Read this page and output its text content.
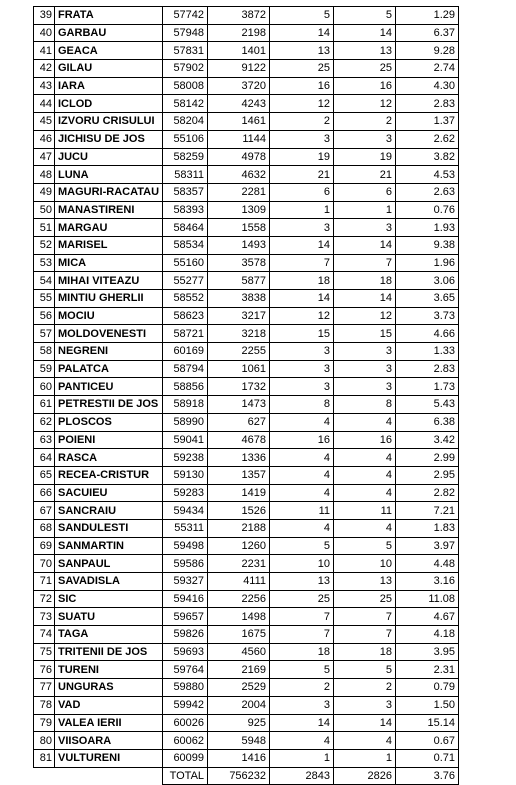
39	FRATA	57742	3872	5	5	1.29
40	GARBAU	57948	2198	14	14	6.37
41	GEACA	57831	1401	13	13	9.28
42	GILAU	57902	9122	25	25	2.74
43	IARA	58008	3720	16	16	4.30
44	ICLOD	58142	4243	12	12	2.83
45	IZVORU CRISULUI	58204	1461	2	2	1.37
46	JICHISU DE JOS	55106	1144	3	3	2.62
47	JUCU	58259	4978	19	19	3.82
48	LUNA	58311	4632	21	21	4.53
49	MAGURI-RACATAU	58357	2281	6	6	2.63
50	MANASTIRENI	58393	1309	1	1	0.76
51	MARGAU	58464	1558	3	3	1.93
52	MARISEL	58534	1493	14	14	9.38
53	MICA	55160	3578	7	7	1.96
54	MIHAI VITEAZU	55277	5877	18	18	3.06
55	MINTIU GHERLII	58552	3838	14	14	3.65
56	MOCIU	58623	3217	12	12	3.73
57	MOLDOVENESTI	58721	3218	15	15	4.66
58	NEGRENI	60169	2255	3	3	1.33
59	PALATCA	58794	1061	3	3	2.83
60	PANTICEU	58856	1732	3	3	1.73
61	PETRESTII DE JOS	58918	1473	8	8	5.43
62	PLOSCOS	58990	627	4	4	6.38
63	POIENI	59041	4678	16	16	3.42
64	RASCA	59238	1336	4	4	2.99
65	RECEA-CRISTUR	59130	1357	4	4	2.95
66	SACUIEU	59283	1419	4	4	2.82
67	SANCRAIU	59434	1526	11	11	7.21
68	SANDULESTI	55311	2188	4	4	1.83
69	SANMARTIN	59498	1260	5	5	3.97
70	SANPAUL	59586	2231	10	10	4.48
71	SAVADISLA	59327	4111	13	13	3.16
72	SIC	59416	2256	25	25	11.08
73	SUATU	59657	1498	7	7	4.67
74	TAGA	59826	1675	7	7	4.18
75	TRITENII DE JOS	59693	4560	18	18	3.95
76	TURENI	59764	2169	5	5	2.31
77	UNGURAS	59880	2529	2	2	0.79
78	VAD	59942	2004	3	3	1.50
79	VALEA IERII	60026	925	14	14	15.14
80	VIISOARA	60062	5948	4	4	0.67
81	VULTURENI	60099	1416	1	1	0.71
		TOTAL	756232	2843	2826	3.76
